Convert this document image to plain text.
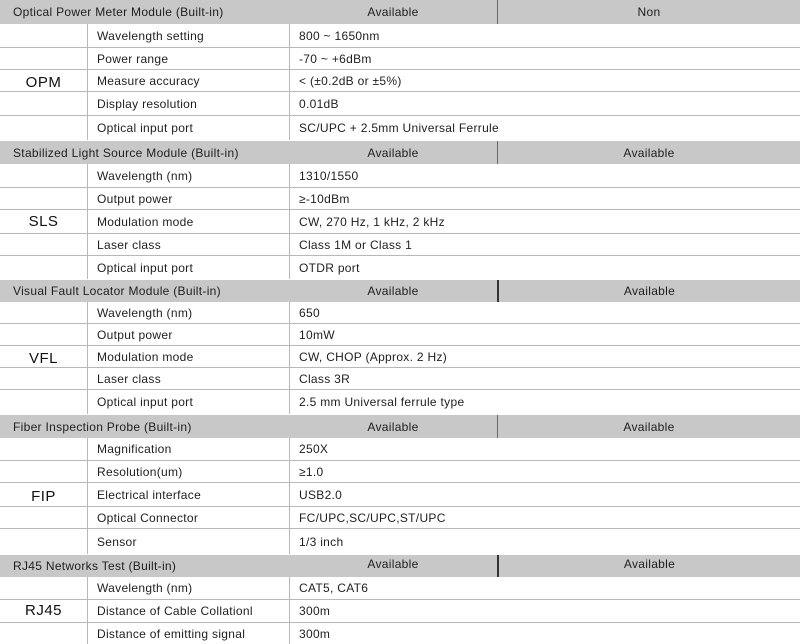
Optical Power Meter Module (Built-in)	Available	Non
OPM
Wavelength setting	800 ~ 1650nm
Power range	-70 ~ +6dBm
Measure accuracy	< (±0.2dB or ±5%)
Display resolution	0.01dB
Optical input port	SC/UPC + 2.5mm Universal Ferrule
Stabilized Light Source Module (Built-in)	Available	Available
SLS
Wavelength (nm)	1310/1550
Output power	≥-10dBm
Modulation mode	CW, 270 Hz, 1 kHz, 2 kHz
Laser class	Class 1M or Class 1
Optical input port	OTDR port
Visual Fault Locator Module (Built-in)	Available	Available
VFL
Wavelength (nm)	650
Output power	10mW
Modulation mode	CW, CHOP (Approx. 2 Hz)
Laser class	Class 3R
Optical input port	2.5 mm Universal ferrule type
Fiber Inspection Probe (Built-in)	Available	Available
FIP
Magnification	250X
Resolution(um)	≥1.0
Electrical interface	USB2.0
Optical Connector	FC/UPC,SC/UPC,ST/UPC
Sensor	1/3 inch
RJ45 Networks Test (Built-in)	Available	Available
RJ45
Wavelength (nm)	CAT5, CAT6
Distance of Cable Collationl	300m
Distance of emitting signal	300m
